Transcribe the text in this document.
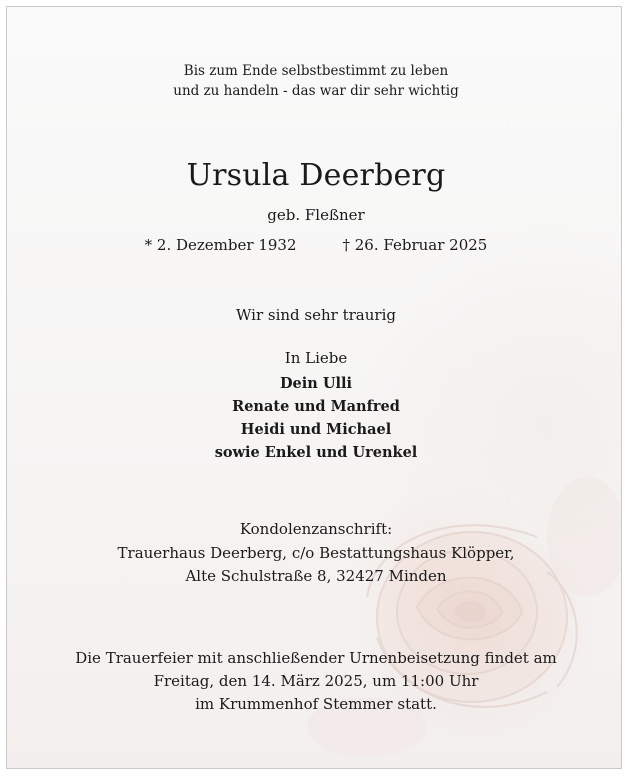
Bis zum Ende selbstbestimmt zu leben
und zu handeln - das war dir sehr wichtig
Ursula Deerberg
geb. Fleßner
* 2. Dezember 1932	† 26. Februar 2025
Wir sind sehr traurig
In Liebe
Dein Ulli
Renate und Manfred
Heidi und Michael
sowie Enkel und Urenkel
Kondolenzanschrift:
Trauerhaus Deerberg, c/o Bestattungshaus Klöpper,
Alte Schulstraße 8, 32427 Minden
Die Trauerfeier mit anschließender Urnenbeisetzung findet am
Freitag, den 14. März 2025, um 11:00 Uhr
im Krummenhof Stemmer statt.
